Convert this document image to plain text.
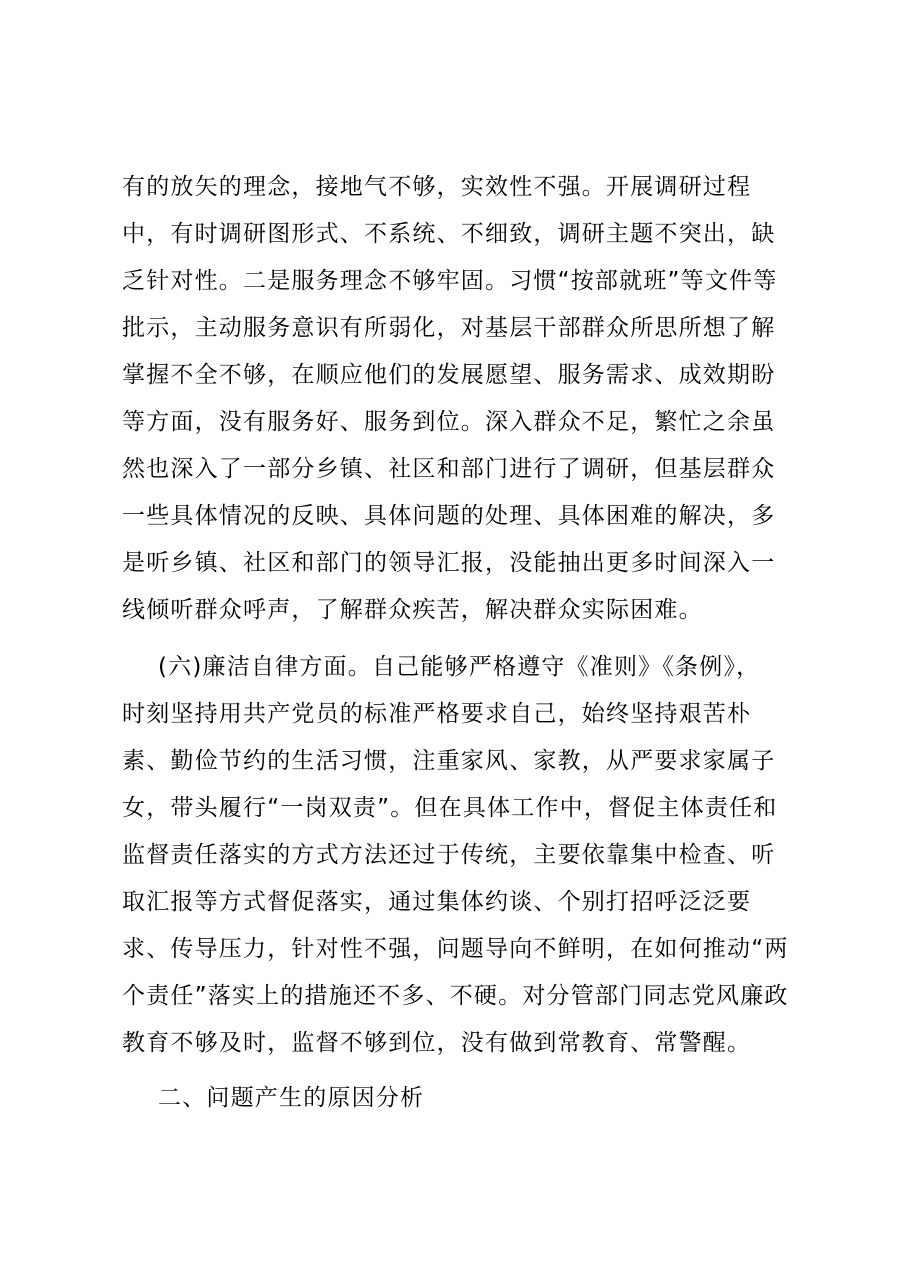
有的放矢的理念，接地气不够，实效性不强。开展调研过程
中，有时调研图形式、不系统、不细致，调研主题不突出，缺
乏针对性。二是服务理念不够牢固。习惯“按部就班”等文件等
批示，主动服务意识有所弱化，对基层干部群众所思所想了解
掌握不全不够，在顺应他们的发展愿望、服务需求、成效期盼
等方面，没有服务好、服务到位。深入群众不足，繁忙之余虽
然也深入了一部分乡镇、社区和部门进行了调研，但基层群众
一些具体情况的反映、具体问题的处理、具体困难的解决，多
是听乡镇、社区和部门的领导汇报，没能抽出更多时间深入一
线倾听群众呼声，了解群众疾苦，解决群众实际困难。
(六)廉洁自律方面。自己能够严格遵守《准则》《条例》，
时刻坚持用共产党员的标准严格要求自己，始终坚持艰苦朴
素、勤俭节约的生活习惯，注重家风、家教，从严要求家属子
女，带头履行“一岗双责”。但在具体工作中，督促主体责任和
监督责任落实的方式方法还过于传统，主要依靠集中检查、听
取汇报等方式督促落实，通过集体约谈、个别打招呼泛泛要
求、传导压力，针对性不强，问题导向不鲜明，在如何推动“两
个责任”落实上的措施还不多、不硬。对分管部门同志党风廉政
教育不够及时，监督不够到位，没有做到常教育、常警醒。
二、问题产生的原因分析
